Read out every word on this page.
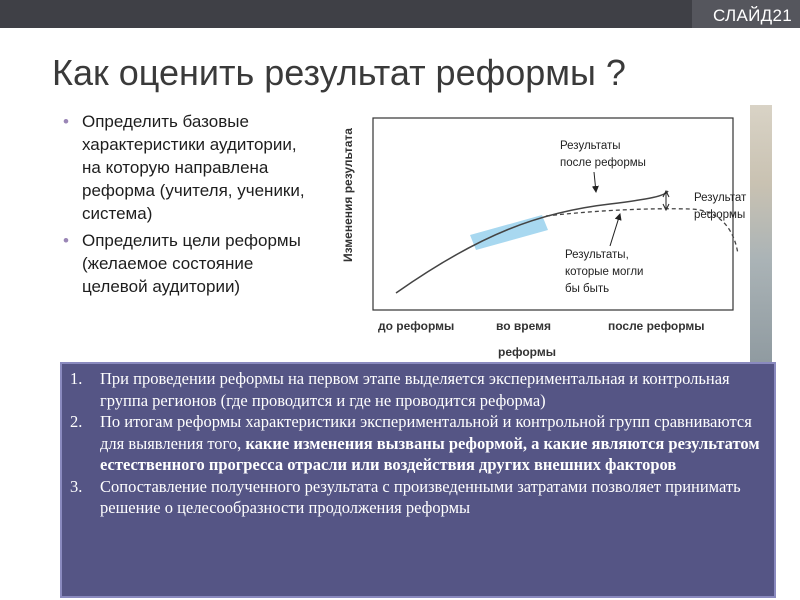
СЛАЙД21
Как оценить результат реформы ?
• Определить базовые характеристики аудитории, на которую направлена реформа (учителя, ученики, система)
• Определить цели реформы (желаемое состояние целевой аудитории)
Изменения результата	Результаты после реформы
Результат реформы
Результаты, которые могли бы быть
до реформы	во время	после реформы реформы
1. При проведении реформы на первом этапе выделяется экспериментальная и контрольная группа регионов (где проводится и где не проводится реформа)
2. По итогам реформы характеристики экспериментальной и контрольной групп сравниваются для выявления того, какие изменения вызваны реформой, а какие являются результатом естественного прогресса отрасли или воздействия других внешних факторов
3. Сопоставление полученного результата с произведенными затратами позволяет принимать решение о целесообразности продолжения реформы
